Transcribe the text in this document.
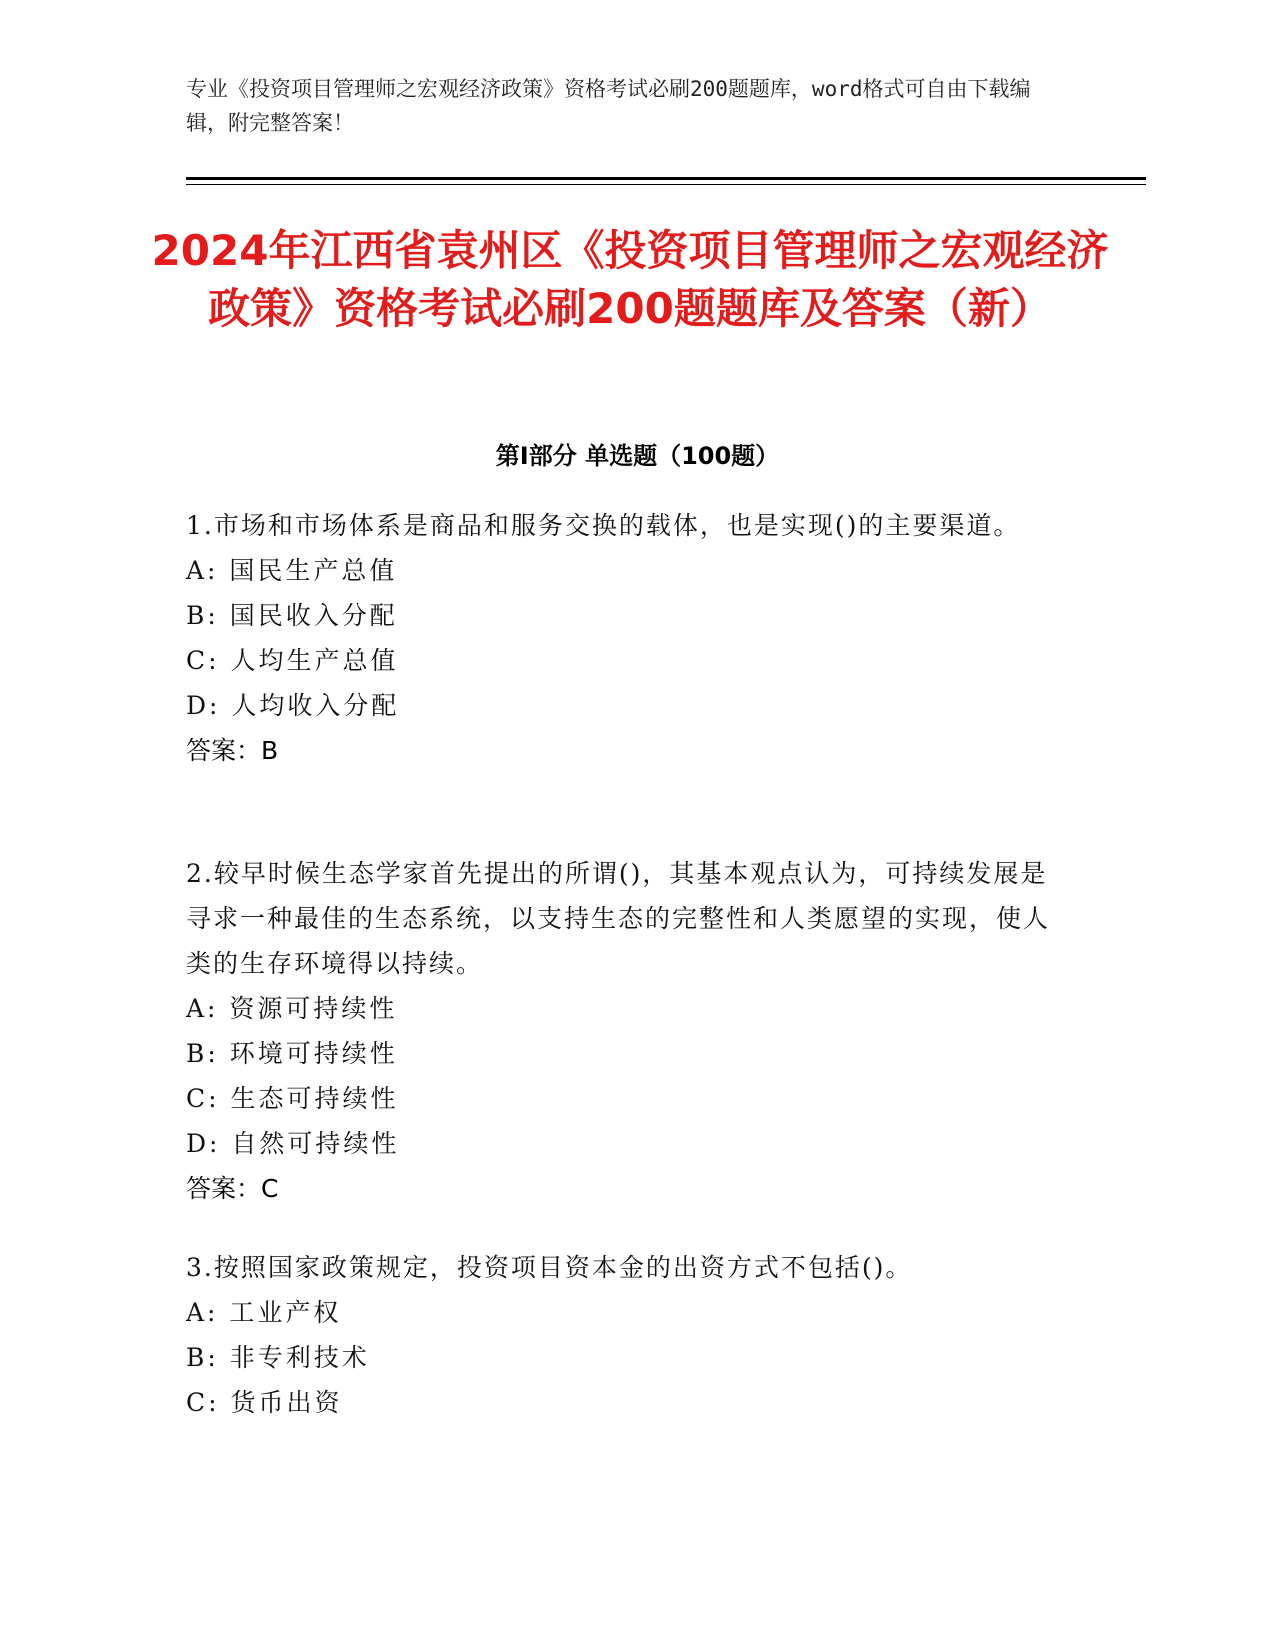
专业《投资项目管理师之宏观经济政策》资格考试必刷200题题库，word格式可自由下载编辑，附完整答案！
2024年江西省袁州区《投资项目管理师之宏观经济政策》资格考试必刷200题题库及答案（新）
第Ⅰ部分 单选题（100题）
1.市场和市场体系是商品和服务交换的载体，也是实现()的主要渠道。
A: 国民生产总值
B: 国民收入分配
C: 人均生产总值
D: 人均收入分配
答案：B
2.较早时候生态学家首先提出的所谓()，其基本观点认为，可持续发展是寻求一种最佳的生态系统，以支持生态的完整性和人类愿望的实现，使人类的生存环境得以持续。
A: 资源可持续性
B: 环境可持续性
C: 生态可持续性
D: 自然可持续性
答案：C
3.按照国家政策规定，投资项目资本金的出资方式不包括()。
A: 工业产权
B: 非专利技术
C: 货币出资
